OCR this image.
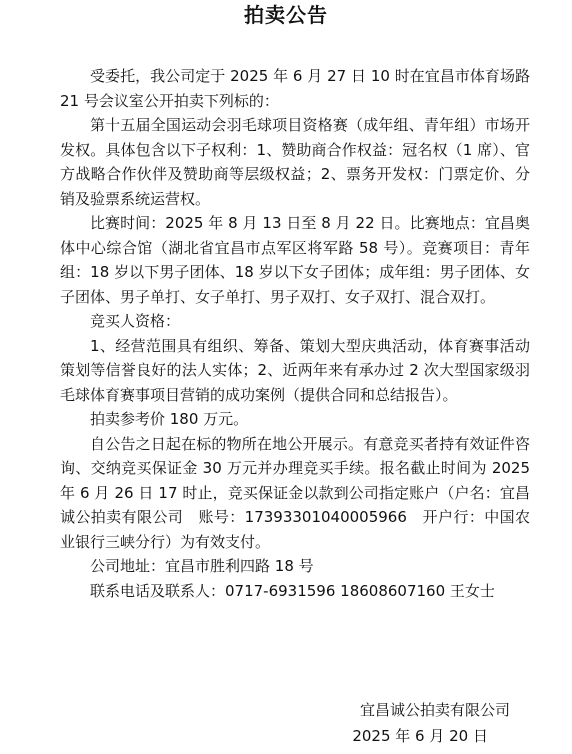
拍卖公告

受委托，我公司定于 2025 年 6 月 27 日 10 时在宜昌市体育场路 21 号会议室公开拍卖下列标的：

第十五届全国运动会羽毛球项目资格赛（成年组、青年组）市场开发权。具体包含以下子权利：1、赞助商合作权益：冠名权（1 席）、官方战略合作伙伴及赞助商等层级权益；2、票务开发权：门票定价、分销及验票系统运营权。

比赛时间：2025 年 8 月 13 日至 8 月 22 日。比赛地点：宜昌奥体中心综合馆（湖北省宜昌市点军区将军路 58 号）。竞赛项目：青年组：18 岁以下男子团体、18 岁以下女子团体；成年组：男子团体、女子团体、男子单打、女子单打、男子双打、女子双打、混合双打。

竞买人资格：

1、经营范围具有组织、筹备、策划大型庆典活动，体育赛事活动策划等信誉良好的法人实体；2、近两年来有承办过 2 次大型国家级羽毛球体育赛事项目营销的成功案例（提供合同和总结报告）。

拍卖参考价 180 万元。

自公告之日起在标的物所在地公开展示。有意竞买者持有效证件咨询、交纳竞买保证金 30 万元并办理竞买手续。报名截止时间为 2025 年 6 月 26 日 17 时止，竞买保证金以款到公司指定账户（户名：宜昌诚公拍卖有限公司　账号：17393301040005966　开户行：中国农业银行三峡分行）为有效支付。

公司地址：宜昌市胜利四路 18 号

联系电话及联系人：0717-6931596 18608607160 王女士

宜昌诚公拍卖有限公司
2025 年 6 月 20 日
